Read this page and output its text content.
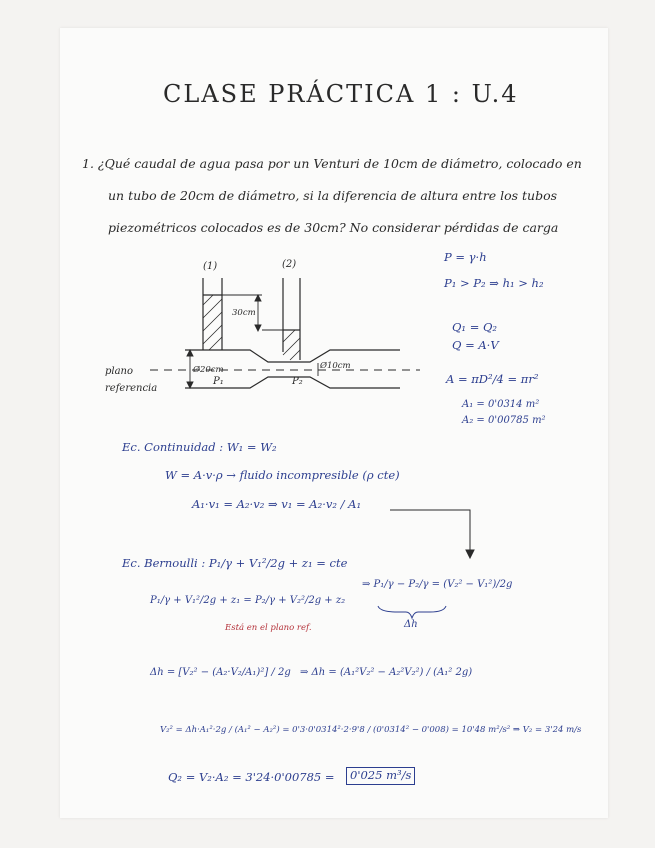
CLASE PRÁCTICA 1 : U.4
1. ¿Qué caudal de agua pasa por un Venturi de 10cm de diámetro, colocado en
un tubo de 20cm de diámetro, si la diferencia de altura entre los tubos
piezométricos colocados es de 30cm? No considerar pérdidas de carga
(1)	(2)
30cm
Ø20cm	Ø10cm
P₁	P₂
plano
referencia
P = γ·h
P₁ > P₂ ⇒ h₁ > h₂
Q₁ = Q₂
Q = A·V
A = πD²/4 = πr²
A₁ = 0'0314 m²
A₂ = 0'00785 m²
Ec. Continuidad : W₁ = W₂
W = A·v·ρ → fluido incompresible (ρ cte)
A₁·v₁ = A₂·v₂ ⇒ v₁ = A₂·v₂ / A₁
Ec. Bernoulli : P₁/γ + V₁²/2g + z₁ = cte
P₁/γ + V₁²/2g + z₁ = P₂/γ + V₂²/2g + z₂
⇒ P₁/γ − P₂/γ = (V₂² − V₁²)/2g
Δh
Está en el plano ref.
Δh = [V₂² − (A₂·V₂/A₁)²] / 2g ⇒ Δh = (A₁²V₂² − A₂²V₂²) / (A₁² 2g)
V₂² = Δh·A₁²·2g / (A₁² − A₂²) = 0'3·0'0314²·2·9'8 / (0'0314² − 0'008) = 10'48 m²/s² ⇒ V₂ = 3'24 m/s
Q₂ = V₂·A₂ = 3'24·0'00785 =	0'025 m³/s
